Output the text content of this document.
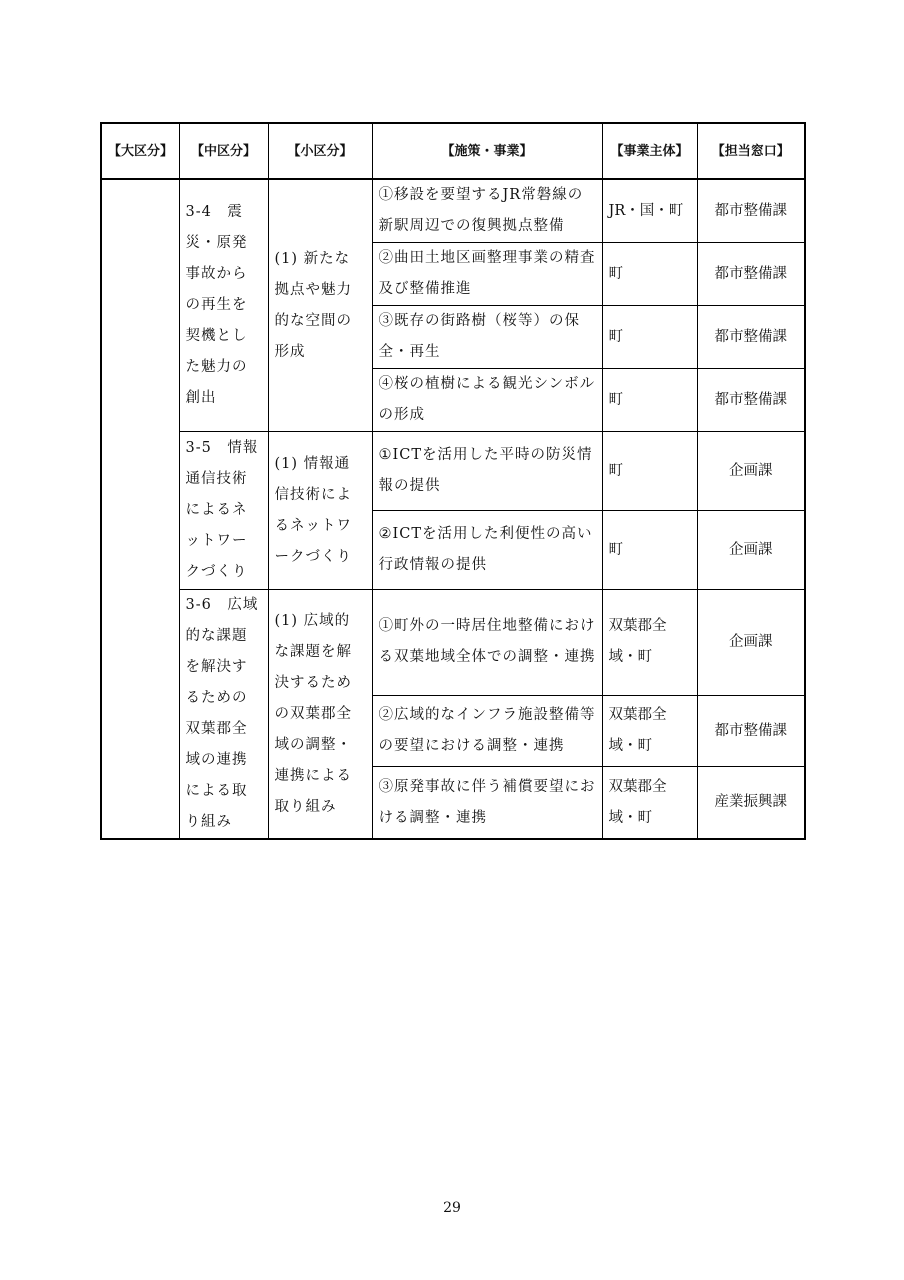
【大区分】	【中区分】	【小区分】	【施策・事業】	【事業主体】	【担当窓口】
	3-4　震災・原発事故からの再生を契機とした魅力の創出	(1) 新たな拠点や魅力的な空間の形成	①移設を要望するJR常磐線の新駅周辺での復興拠点整備	JR・国・町	都市整備課
			②曲田土地区画整理事業の精査及び整備推進	町	都市整備課
			③既存の街路樹（桜等）の保全・再生	町	都市整備課
			④桜の植樹による観光シンボルの形成	町	都市整備課
	3-5　情報通信技術によるネットワークづくり	(1) 情報通信技術によるネットワークづくり	①ICTを活用した平時の防災情報の提供	町	企画課
			②ICTを活用した利便性の高い行政情報の提供	町	企画課
	3-6　広域的な課題を解決するための双葉郡全域の連携による取り組み	(1) 広域的な課題を解決するための双葉郡全域の調整・連携による取り組み	①町外の一時居住地整備における双葉地域全体での調整・連携	双葉郡全域・町	企画課
			②広域的なインフラ施設整備等の要望における調整・連携	双葉郡全域・町	都市整備課
			③原発事故に伴う補償要望における調整・連携	双葉郡全域・町	産業振興課
29
